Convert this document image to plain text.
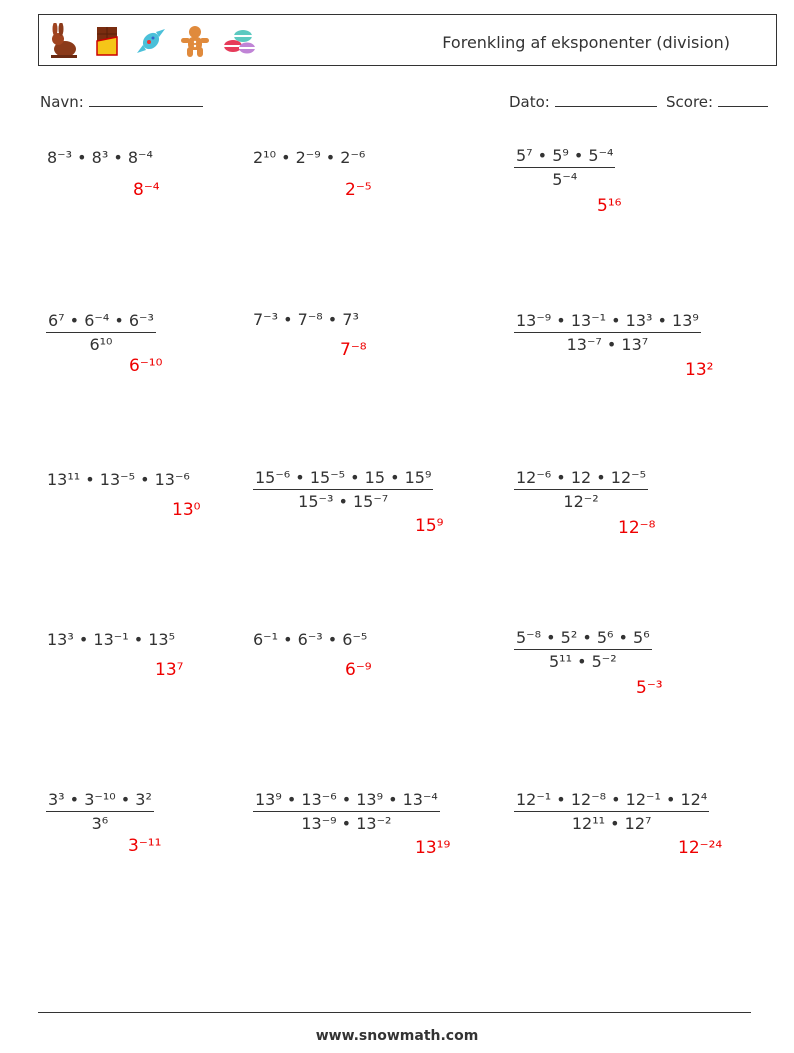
Forenkling af eksponenter (division)
Navn:	Dato:	Score:
8⁻³ • 8³ • 8⁻⁴
8⁻⁴
2¹⁰ • 2⁻⁹ • 2⁻⁶
2⁻⁵
$\frac{\text{5⁷ • 5⁹ • 5⁻⁴}}{\text{5⁻⁴}}$
5¹⁶
$\frac{\text{6⁷ • 6⁻⁴ • 6⁻³}}{\text{6¹⁰}}$
6⁻¹⁰
7⁻³ • 7⁻⁸ • 7³
7⁻⁸	$\frac{\text{13⁻⁹ • 13⁻¹ • 13³ • 13⁹}}{\text{13⁻⁷ • 13⁷}}$
13²
13¹¹ • 13⁻⁵ • 13⁻⁶
13⁰	$\frac{\text{15⁻⁶ • 15⁻⁵ • 15 • 15⁹}}{\text{15⁻³ • 15⁻⁷}}$
15⁹
$\frac{\text{12⁻⁶ • 12 • 12⁻⁵}}{\text{12⁻²}}$
12⁻⁸
13³ • 13⁻¹ • 13⁵
13⁷
6⁻¹ • 6⁻³ • 6⁻⁵
6⁻⁹	$\frac{\text{5⁻⁸ • 5² • 5⁶ • 5⁶}}{\text{5¹¹ • 5⁻²}}$
5⁻³
$\frac{\text{3³ • 3⁻¹⁰ • 3²}}{\text{3⁶}}$
3⁻¹¹
$\frac{\text{13⁹ • 13⁻⁶ • 13⁹ • 13⁻⁴}}{\text{13⁻⁹ • 13⁻²}}$
13¹⁹
$\frac{\text{12⁻¹ • 12⁻⁸ • 12⁻¹ • 12⁴}}{\text{12¹¹ • 12⁷}}$
12⁻²⁴
www.snowmath.com
